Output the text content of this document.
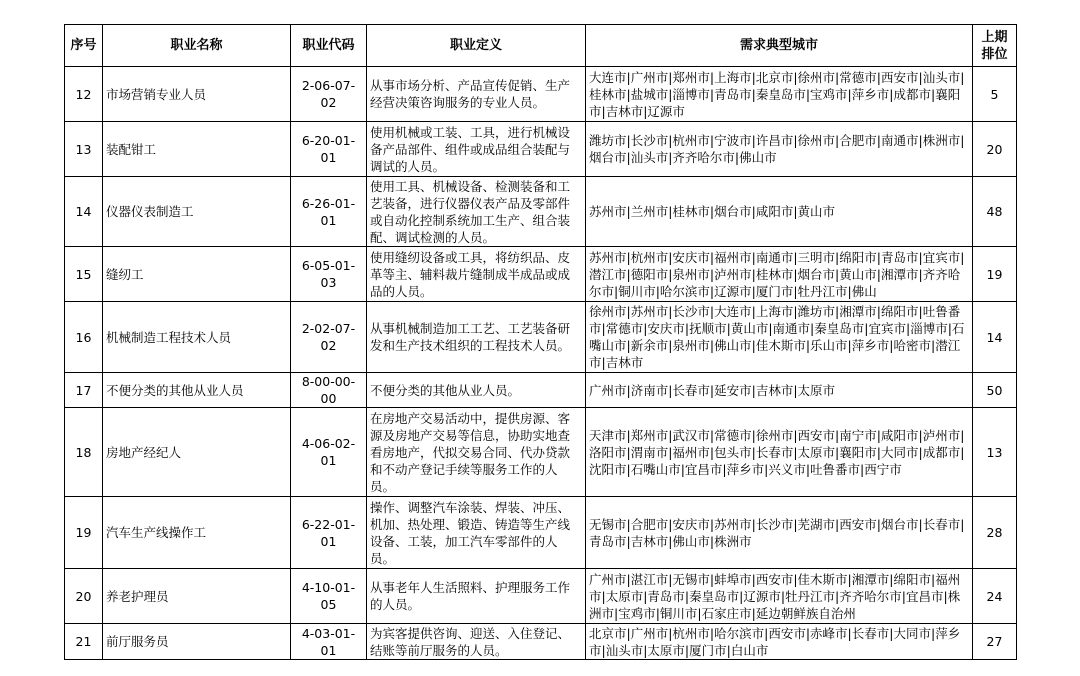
序号	职业名称	职业代码	职业定义	需求典型城市	上期排位
12	市场营销专业人员	2-06-07-02	从事市场分析、产品宣传促销、生产经营决策咨询服务的专业人员。	大连市|广州市|郑州市|上海市|北京市|徐州市|常德市|西安市|汕头市|桂林市|盐城市|淄博市|青岛市|秦皇岛市|宝鸡市|萍乡市|成都市|襄阳市|吉林市|辽源市	5
13	装配钳工	6-20-01-01	使用机械或工装、工具，进行机械设备产品部件、组件或成品组合装配与调试的人员。	潍坊市|长沙市|杭州市|宁波市|许昌市|徐州市|合肥市|南通市|株洲市|烟台市|汕头市|齐齐哈尔市|佛山市	20
14	仪器仪表制造工	6-26-01-01	使用工具、机械设备、检测装备和工艺装备，进行仪器仪表产品及零部件或自动化控制系统加工生产、组合装配、调试检测的人员。	苏州市|兰州市|桂林市|烟台市|咸阳市|黄山市	48
15	缝纫工	6-05-01-03	使用缝纫设备或工具，将纺织品、皮革等主、辅料裁片缝制成半成品或成品的人员。	苏州市|杭州市|安庆市|福州市|南通市|三明市|绵阳市|青岛市|宜宾市|潜江市|德阳市|泉州市|泸州市|桂林市|烟台市|黄山市|湘潭市|齐齐哈尔市|铜川市|哈尔滨市|辽源市|厦门市|牡丹江市|佛山	19
16	机械制造工程技术人员	2-02-07-02	从事机械制造加工工艺、工艺装备研发和生产技术组织的工程技术人员。	徐州市|苏州市|长沙市|大连市|上海市|潍坊市|湘潭市|绵阳市|吐鲁番市|常德市|安庆市|抚顺市|黄山市|南通市|秦皇岛市|宜宾市|淄博市|石嘴山市|新余市|泉州市|佛山市|佳木斯市|乐山市|萍乡市|哈密市|潜江市|吉林市	14
17	不便分类的其他从业人员	8-00-00-00	不便分类的其他从业人员。	广州市|济南市|长春市|延安市|吉林市|太原市	50
18	房地产经纪人	4-06-02-01	在房地产交易活动中，提供房源、客源及房地产交易等信息，协助实地查看房地产，代拟交易合同、代办贷款和不动产登记手续等服务工作的人员。	天津市|郑州市|武汉市|常德市|徐州市|西安市|南宁市|咸阳市|泸州市|洛阳市|渭南市|福州市|包头市|长春市|太原市|襄阳市|大同市|成都市|沈阳市|石嘴山市|宜昌市|萍乡市|兴义市|吐鲁番市|西宁市	13
19	汽车生产线操作工	6-22-01-01	操作、调整汽车涂装、焊装、冲压、机加、热处理、锻造、铸造等生产线设备、工装，加工汽车零部件的人员。	无锡市|合肥市|安庆市|苏州市|长沙市|芜湖市|西安市|烟台市|长春市|青岛市|吉林市|佛山市|株洲市	28
20	养老护理员	4-10-01-05	从事老年人生活照料、护理服务工作的人员。	广州市|湛江市|无锡市|蚌埠市|西安市|佳木斯市|湘潭市|绵阳市|福州市|太原市|青岛市|秦皇岛市|辽源市|牡丹江市|齐齐哈尔市|宜昌市|株洲市|宝鸡市|铜川市|石家庄市|延边朝鲜族自治州	24
21	前厅服务员	4-03-01-01	为宾客提供咨询、迎送、入住登记、结账等前厅服务的人员。	北京市|广州市|杭州市|哈尔滨市|西安市|赤峰市|长春市|大同市|萍乡市|汕头市|太原市|厦门市|白山市	27
